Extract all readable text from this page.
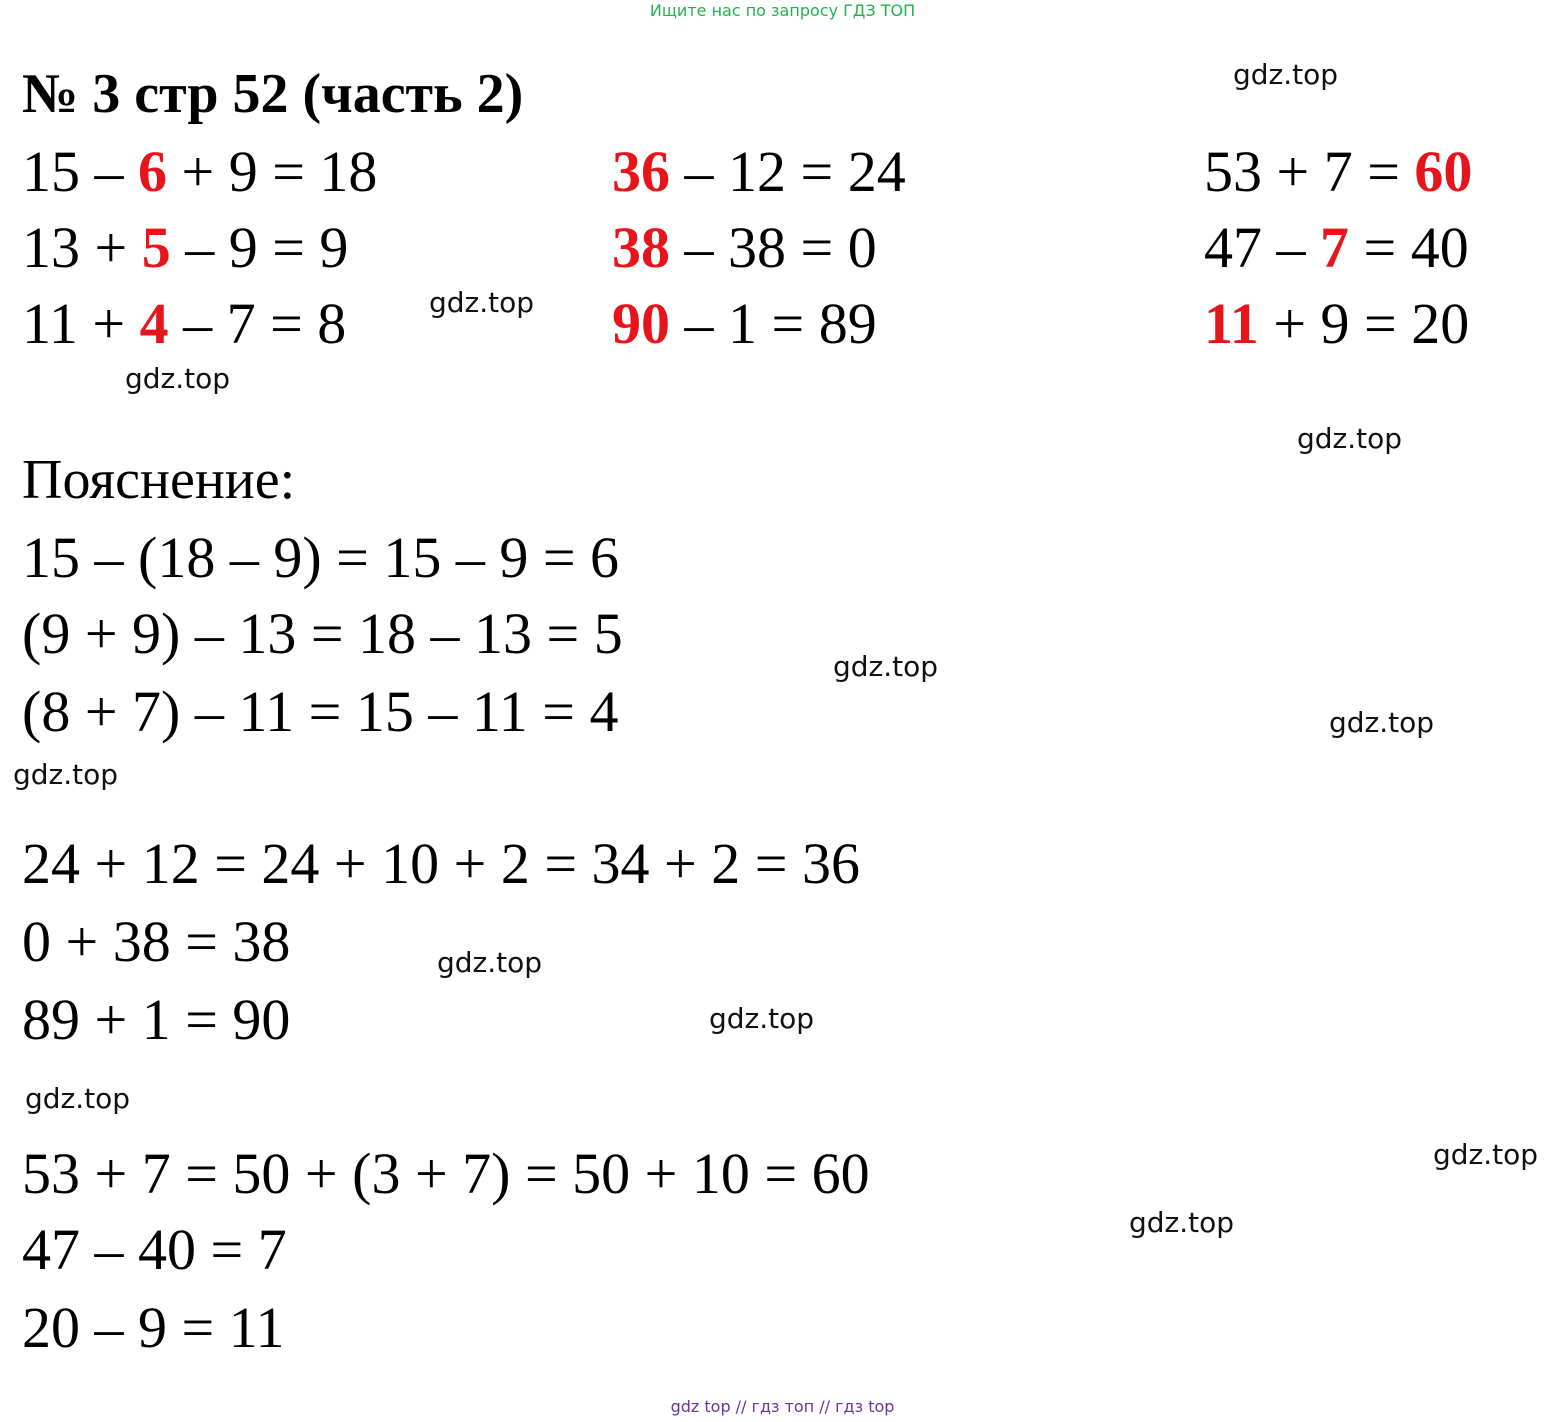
Ищите нас по запросу ГДЗ ТОП
№ 3 стр 52 (часть 2)
15 – 6 + 9 = 18
13 + 5 – 9 = 9
11 + 4 – 7 = 8
36 – 12 = 24
38 – 38 = 0
90 – 1 = 89
53 + 7 = 60
47 – 7 = 40
11 + 9 = 20
Пояснение:
15 – (18 – 9) = 15 – 9 = 6
(9 + 9) – 13 = 18 – 13 = 5
(8 + 7) – 11 = 15 – 11 = 4
24 + 12 = 24 + 10 + 2 = 34 + 2 = 36
0 + 38 = 38
89 + 1 = 90
53 + 7 = 50 + (3 + 7) = 50 + 10 = 60
47 – 40 = 7
20 – 9 = 11
gdz.top
gdz.top
gdz.top
gdz.top
gdz.top
gdz.top
gdz.top
gdz.top
gdz.top
gdz.top
gdz.top
gdz.top
gdz top // гдз топ // гдз top
